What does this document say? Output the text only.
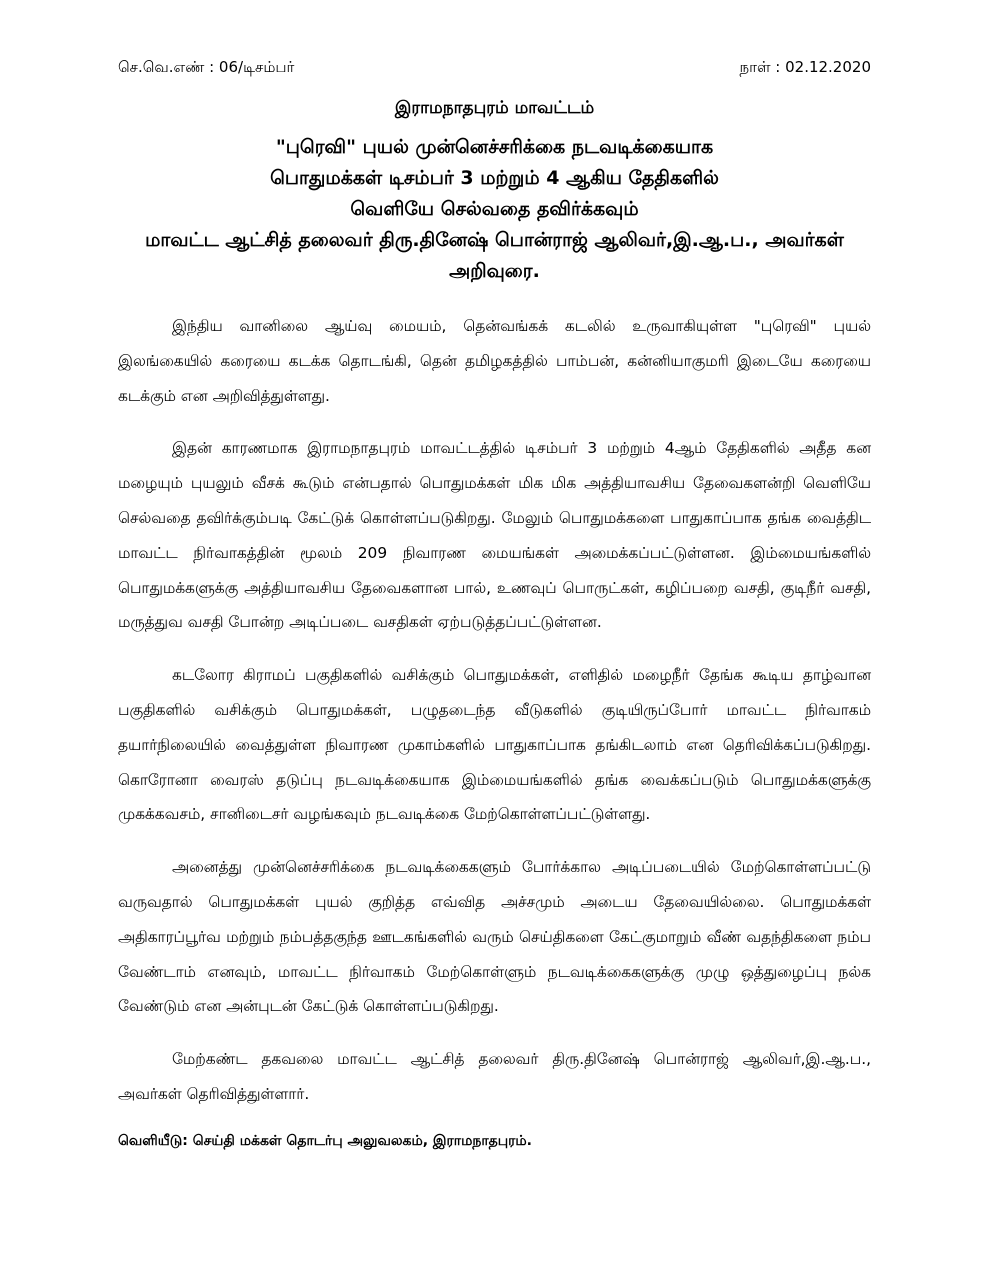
செ.வெ.எண் : 06/டிசம்பர்	நாள் : 02.12.2020
இராமநாதபுரம் மாவட்டம்
"புரெவி" புயல் முன்னெச்சரிக்கை நடவடிக்கையாக
பொதுமக்கள் டிசம்பர் 3 மற்றும் 4 ஆகிய தேதிகளில்
வெளியே செல்வதை தவிர்க்கவும்
மாவட்ட ஆட்சித் தலைவர் திரு.தினேஷ் பொன்ராஜ் ஆலிவர்,இ.ஆ.ப., அவர்கள்
அறிவுரை.

இந்திய வானிலை ஆய்வு மையம், தென்வங்கக் கடலில் உருவாகியுள்ள "புரெவி" புயல் இலங்கையில் கரையை கடக்க தொடங்கி, தென் தமிழகத்தில் பாம்பன், கன்னியாகுமரி இடையே கரையை கடக்கும் என அறிவித்துள்ளது.

இதன் காரணமாக இராமநாதபுரம் மாவட்டத்தில் டிசம்பர் 3 மற்றும் 4ஆம் தேதிகளில் அதீத கன மழையும் புயலும் வீசக் கூடும் என்பதால் பொதுமக்கள் மிக மிக அத்தியாவசிய தேவைகளன்றி வெளியே செல்வதை தவிர்க்கும்படி கேட்டுக் கொள்ளப்படுகிறது. மேலும் பொதுமக்களை பாதுகாப்பாக தங்க வைத்திட மாவட்ட நிர்வாகத்தின் மூலம் 209 நிவாரண மையங்கள் அமைக்கப்பட்டுள்ளன. இம்மையங்களில் பொதுமக்களுக்கு அத்தியாவசிய தேவைகளான பால், உணவுப் பொருட்கள், கழிப்பறை வசதி, குடிநீர் வசதி, மருத்துவ வசதி போன்ற அடிப்படை வசதிகள் ஏற்படுத்தப்பட்டுள்ளன.

கடலோர கிராமப் பகுதிகளில் வசிக்கும் பொதுமக்கள், எளிதில் மழைநீர் தேங்க கூடிய தாழ்வான பகுதிகளில் வசிக்கும் பொதுமக்கள், பழுதடைந்த வீடுகளில் குடியிருப்போர் மாவட்ட நிர்வாகம் தயார்நிலையில் வைத்துள்ள நிவாரண முகாம்களில் பாதுகாப்பாக தங்கிடலாம் என தெரிவிக்கப்படுகிறது. கொரோனா வைரஸ் தடுப்பு நடவடிக்கையாக இம்மையங்களில் தங்க வைக்கப்படும் பொதுமக்களுக்கு முகக்கவசம், சானிடைசர் வழங்கவும் நடவடிக்கை மேற்கொள்ளப்பட்டுள்ளது.

அனைத்து முன்னெச்சரிக்கை நடவடிக்கைகளும் போர்க்கால அடிப்படையில் மேற்கொள்ளப்பட்டு வருவதால் பொதுமக்கள் புயல் குறித்த எவ்வித அச்சமும் அடைய தேவையில்லை. பொதுமக்கள் அதிகாரப்பூர்வ மற்றும் நம்பத்தகுந்த ஊடகங்களில் வரும் செய்திகளை கேட்குமாறும் வீண் வதந்திகளை நம்ப வேண்டாம் எனவும், மாவட்ட நிர்வாகம் மேற்கொள்ளும் நடவடிக்கைகளுக்கு முழு ஒத்துழைப்பு நல்க வேண்டும் என அன்புடன் கேட்டுக் கொள்ளப்படுகிறது.

மேற்கண்ட தகவலை மாவட்ட ஆட்சித் தலைவர் திரு.தினேஷ் பொன்ராஜ் ஆலிவர்,இ.ஆ.ப., அவர்கள் தெரிவித்துள்ளார்.

வெளியீடு: செய்தி மக்கள் தொடர்பு அலுவலகம், இராமநாதபுரம்.
